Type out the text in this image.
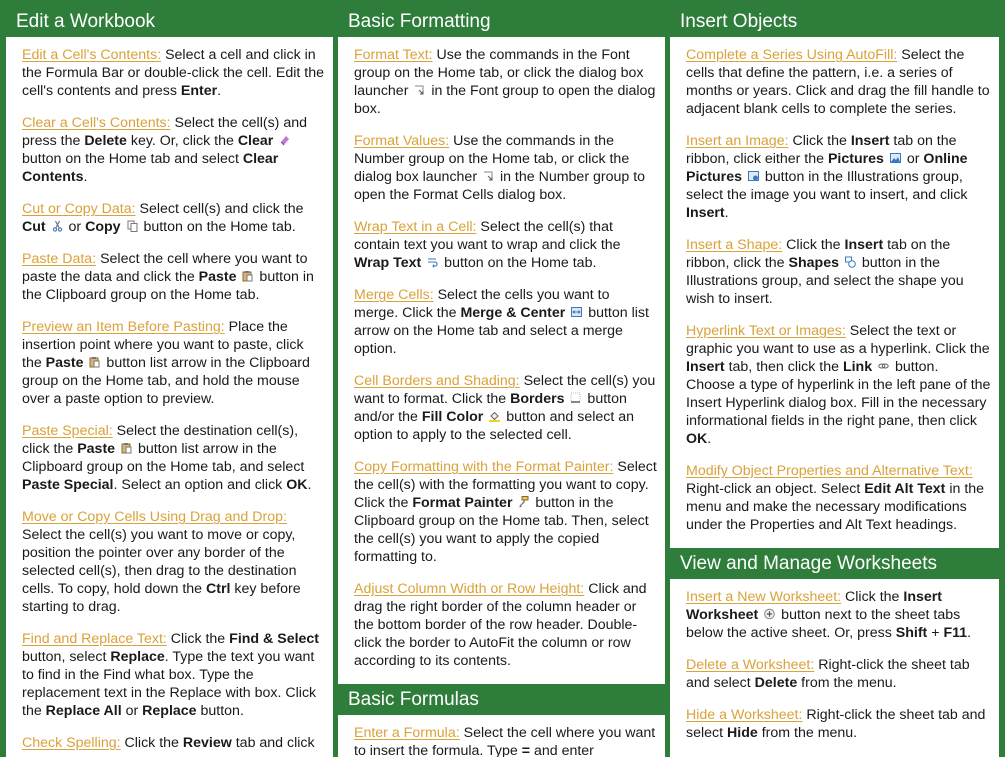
Edit a Workbook
Edit a Cell's Contents: Select a cell and click in the Formula Bar or double-click the cell. Edit the cell's contents and press Enter.
Clear a Cell's Contents: Select the cell(s) and press the Delete key. Or, click the Clear
button on the Home tab and select Clear Contents.
Cut or Copy Data: Select cell(s) and click the Cut
or Copy
button on the Home tab.
Paste Data: Select the cell where you want to paste the data and click the Paste
button in the Clipboard group on the Home tab.
Preview an Item Before Pasting: Place the insertion point where you want to paste, click the Paste
button list arrow in the Clipboard group on the Home tab, and hold the mouse over a paste option to preview.
Paste Special: Select the destination cell(s), click the Paste
button list arrow in the Clipboard group on the Home tab, and select Paste Special. Select an option and click OK.
Move or Copy Cells Using Drag and Drop: Select the cell(s) you want to move or copy, position the pointer over any border of the selected cell(s), then drag to the destination cells. To copy, hold down the Ctrl key before starting to drag.
Find and Replace Text: Click the Find & Select button, select Replace. Type the text you want to find in the Find what box. Type the replacement text in the Replace with box. Click the Replace All or Replace button.
Check Spelling: Click the Review tab and click
Basic Formatting
Format Text: Use the commands in the Font group on the Home tab, or click the dialog box launcher
in the Font group to open the dialog box.
Format Values: Use the commands in the Number group on the Home tab, or click the dialog box launcher
in the Number group to open the Format Cells dialog box.
Wrap Text in a Cell: Select the cell(s) that contain text you want to wrap and click the Wrap Text
button on the Home tab.
Merge Cells: Select the cells you want to merge. Click the Merge & Center
button list arrow on the Home tab and select a merge option.
Cell Borders and Shading: Select the cell(s) you want to format. Click the Borders
button and/or the Fill Color
button and select an option to apply to the selected cell.
Copy Formatting with the Format Painter: Select the cell(s) with the formatting you want to copy. Click the Format Painter
button in the Clipboard group on the Home tab. Then, select the cell(s) you want to apply the copied formatting to.
Adjust Column Width or Row Height: Click and drag the right border of the column header or the bottom border of the row header. Double-click the border to AutoFit the column or row according to its contents.
Basic Formulas
Enter a Formula: Select the cell where you want to insert the formula. Type = and enter
Insert Objects
Complete a Series Using AutoFill: Select the cells that define the pattern, i.e. a series of months or years. Click and drag the fill handle to adjacent blank cells to complete the series.
Insert an Image: Click the Insert tab on the ribbon, click either the Pictures
or Online Pictures
button in the Illustrations group, select the image you want to insert, and click Insert.
Insert a Shape: Click the Insert tab on the ribbon, click the Shapes
button in the Illustrations group, and select the shape you wish to insert.
Hyperlink Text or Images: Select the text or graphic you want to use as a hyperlink. Click the Insert tab, then click the Link
button. Choose a type of hyperlink in the left pane of the Insert Hyperlink dialog box. Fill in the necessary informational fields in the right pane, then click OK.
Modify Object Properties and Alternative Text: Right-click an object. Select Edit Alt Text in the menu and make the necessary modifications under the Properties and Alt Text headings.
View and Manage Worksheets
Insert a New Worksheet: Click the Insert Worksheet
button next to the sheet tabs below the active sheet. Or, press Shift + F11.
Delete a Worksheet: Right-click the sheet tab and select Delete from the menu.
Hide a Worksheet: Right-click the sheet tab and select Hide from the menu.
